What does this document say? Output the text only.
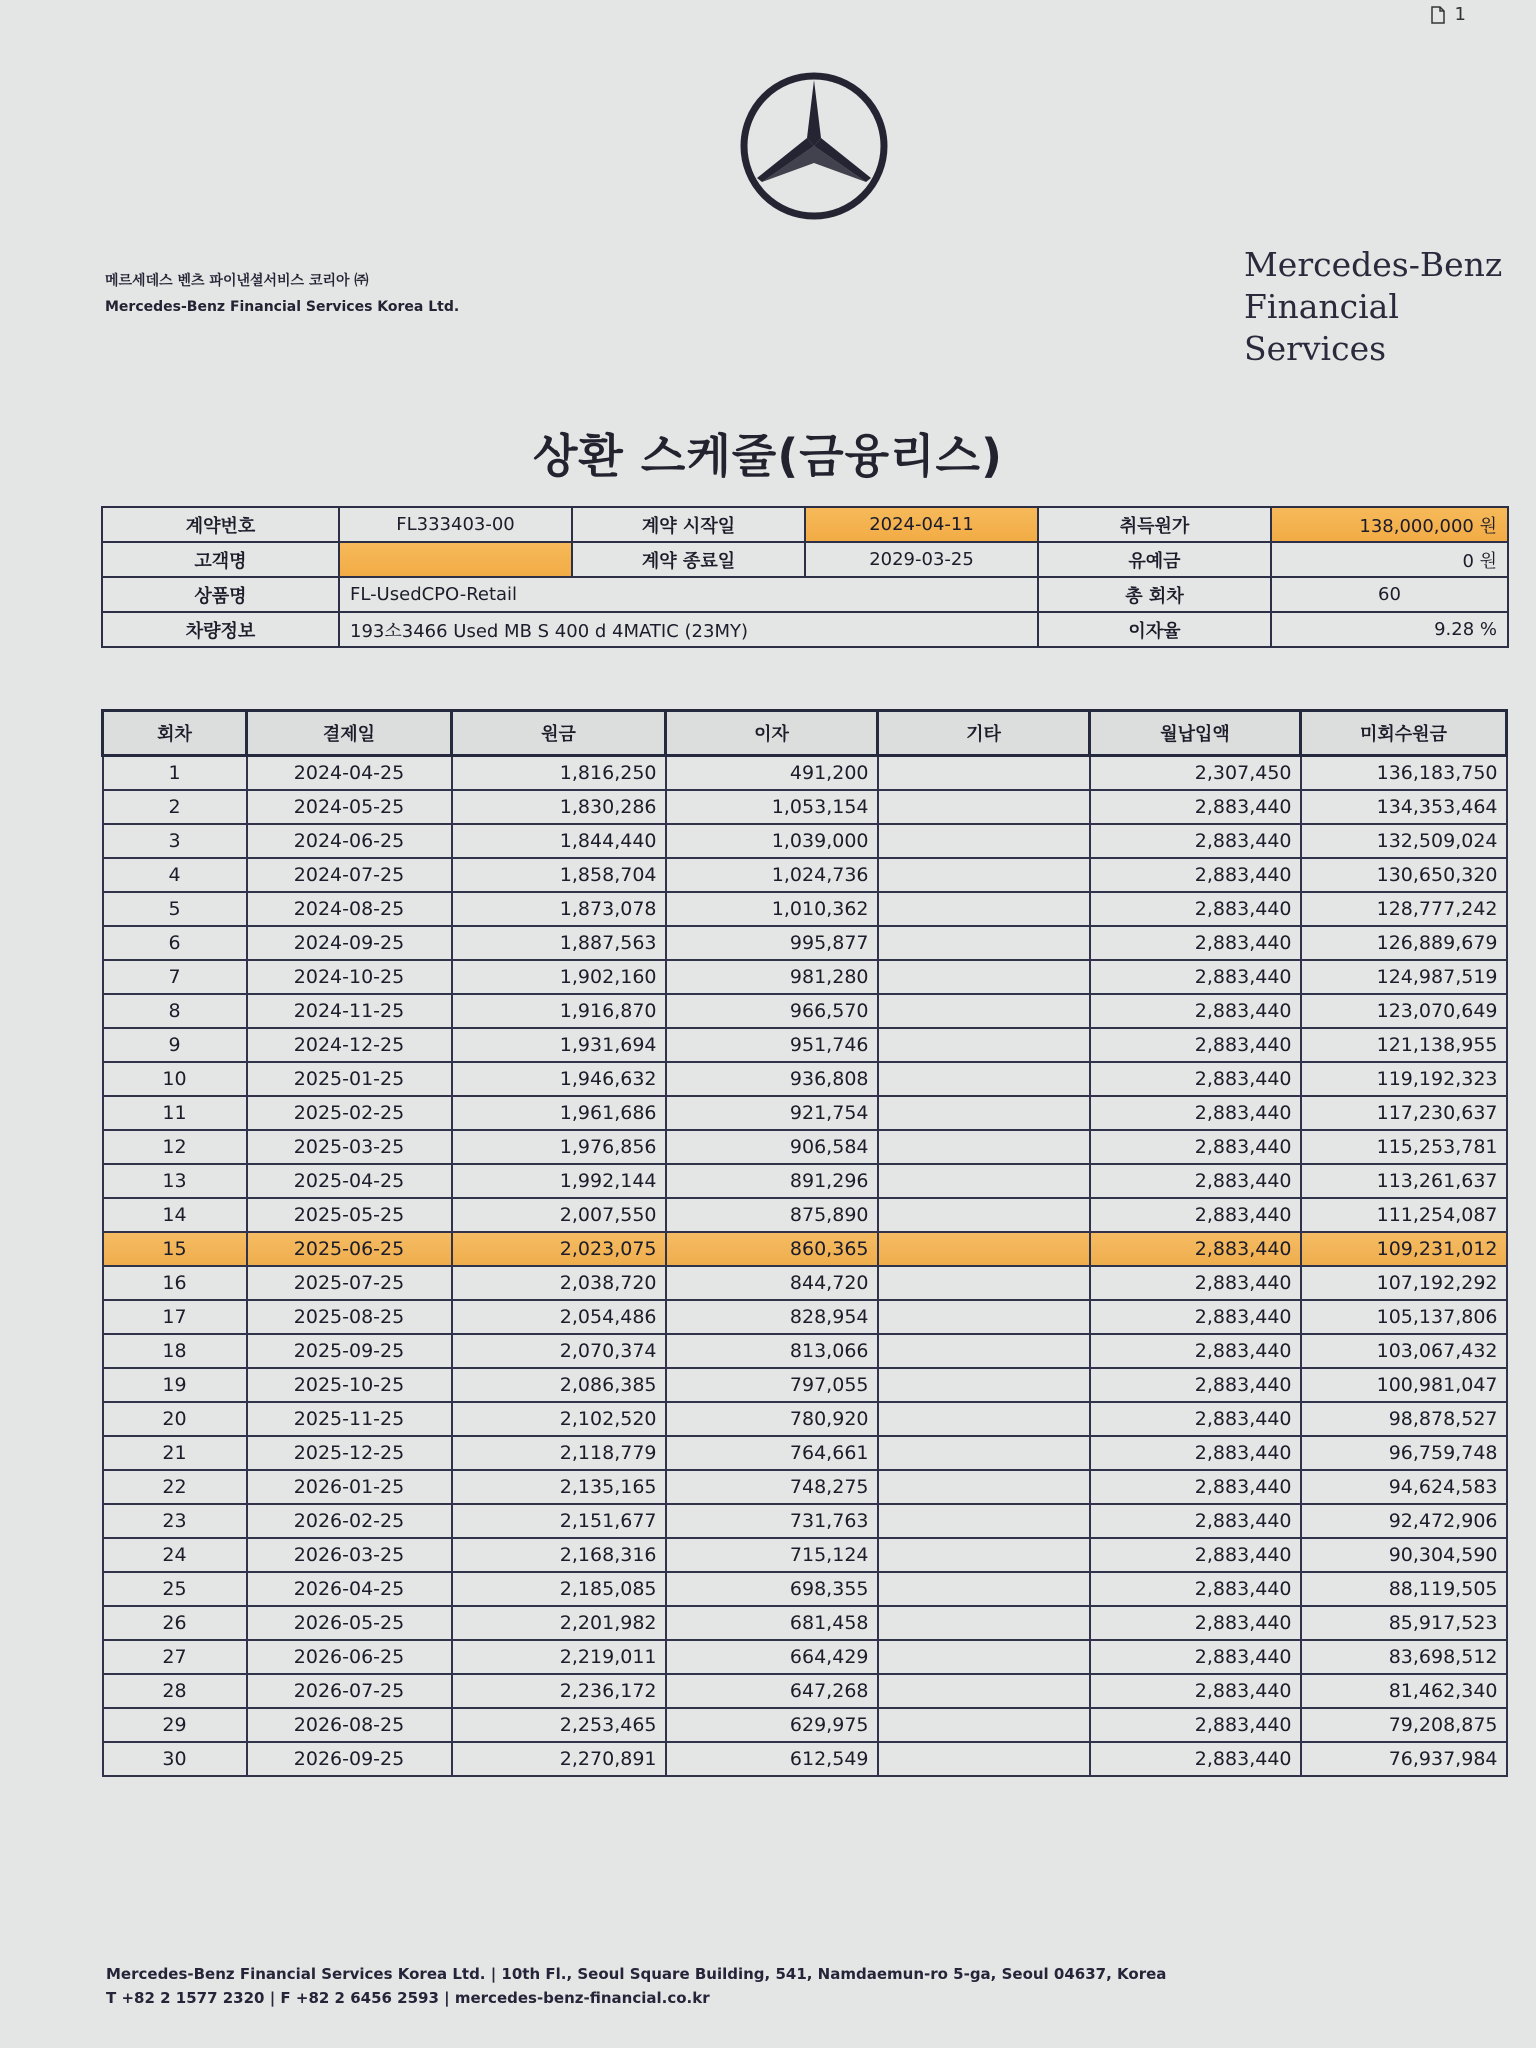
1
메르세데스 벤츠 파이낸셜서비스 코리아 ㈜
Mercedes-Benz Financial Services Korea Ltd.
Mercedes-Benz
Financial Services
상환 스케줄(금융리스)
계약번호	FL333403-00	계약 시작일	2024-04-11	취득원가	138,000,000 원
고객명		계약 종료일	2029-03-25	유예금	0 원
상품명	FL-UsedCPO-Retail			총 회차	60
차량정보	193소3466 Used MB S 400 d 4MATIC (23MY)			이자율	9.28 %
회차	결제일	원금	이자	기타	월납입액	미회수원금
1	2024-04-25	1,816,250	491,200		2,307,450	136,183,750
2	2024-05-25	1,830,286	1,053,154		2,883,440	134,353,464
3	2024-06-25	1,844,440	1,039,000		2,883,440	132,509,024
4	2024-07-25	1,858,704	1,024,736		2,883,440	130,650,320
5	2024-08-25	1,873,078	1,010,362		2,883,440	128,777,242
6	2024-09-25	1,887,563	995,877		2,883,440	126,889,679
7	2024-10-25	1,902,160	981,280		2,883,440	124,987,519
8	2024-11-25	1,916,870	966,570		2,883,440	123,070,649
9	2024-12-25	1,931,694	951,746		2,883,440	121,138,955
10	2025-01-25	1,946,632	936,808		2,883,440	119,192,323
11	2025-02-25	1,961,686	921,754		2,883,440	117,230,637
12	2025-03-25	1,976,856	906,584		2,883,440	115,253,781
13	2025-04-25	1,992,144	891,296		2,883,440	113,261,637
14	2025-05-25	2,007,550	875,890		2,883,440	111,254,087
15	2025-06-25	2,023,075	860,365		2,883,440	109,231,012
16	2025-07-25	2,038,720	844,720		2,883,440	107,192,292
17	2025-08-25	2,054,486	828,954		2,883,440	105,137,806
18	2025-09-25	2,070,374	813,066		2,883,440	103,067,432
19	2025-10-25	2,086,385	797,055		2,883,440	100,981,047
20	2025-11-25	2,102,520	780,920		2,883,440	98,878,527
21	2025-12-25	2,118,779	764,661		2,883,440	96,759,748
22	2026-01-25	2,135,165	748,275		2,883,440	94,624,583
23	2026-02-25	2,151,677	731,763		2,883,440	92,472,906
24	2026-03-25	2,168,316	715,124		2,883,440	90,304,590
25	2026-04-25	2,185,085	698,355		2,883,440	88,119,505
26	2026-05-25	2,201,982	681,458		2,883,440	85,917,523
27	2026-06-25	2,219,011	664,429		2,883,440	83,698,512
28	2026-07-25	2,236,172	647,268		2,883,440	81,462,340
29	2026-08-25	2,253,465	629,975		2,883,440	79,208,875
30	2026-09-25	2,270,891	612,549		2,883,440	76,937,984
Mercedes-Benz Financial Services Korea Ltd. | 10th Fl., Seoul Square Building, 541, Namdaemun-ro 5-ga, Seoul 04637, Korea
T +82 2 1577 2320 | F +82 2 6456 2593 | mercedes-benz-financial.co.kr
